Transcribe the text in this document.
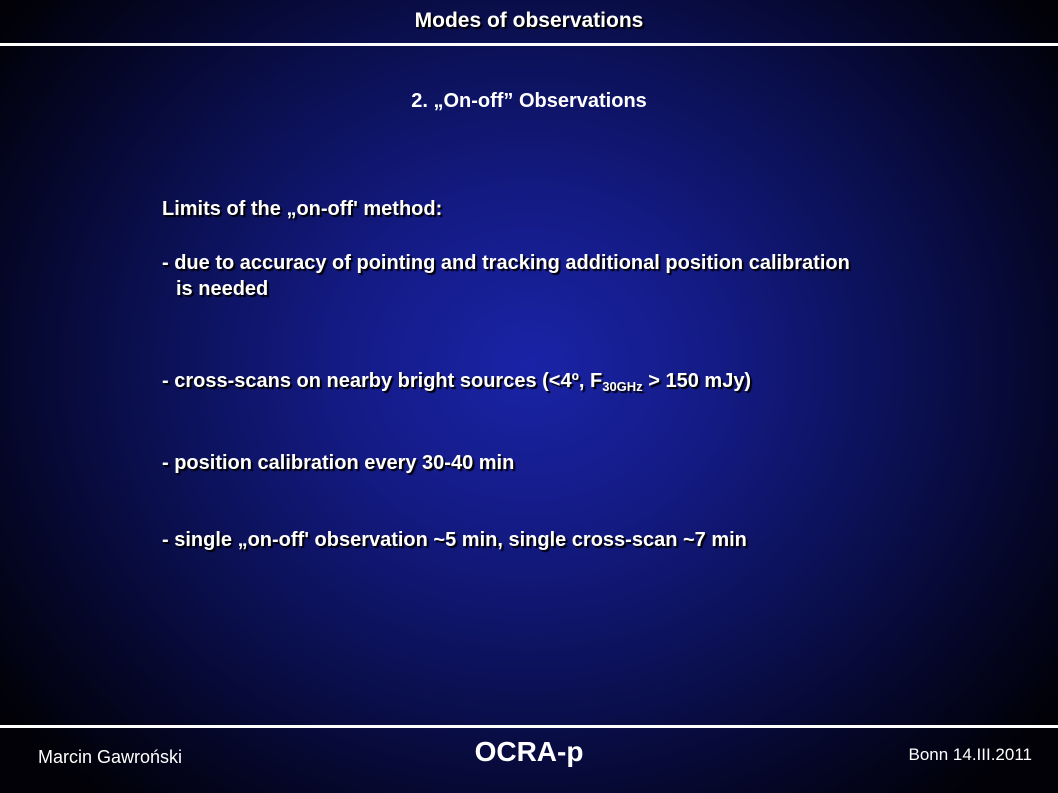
Modes of observations
2. „On-off” Observations
Limits of the „on-off' method:
- due to accuracy of pointing and tracking additional position calibration
is needed
- cross-scans on nearby bright sources (<4º, $F_{30GHz} > 150$ mJy)
- position calibration every 30-40 min
- single „on-off' observation ~5 min, single cross-scan ~7 min
Marcin Gawroński	OCRA-p	Bonn 14.III.2011
